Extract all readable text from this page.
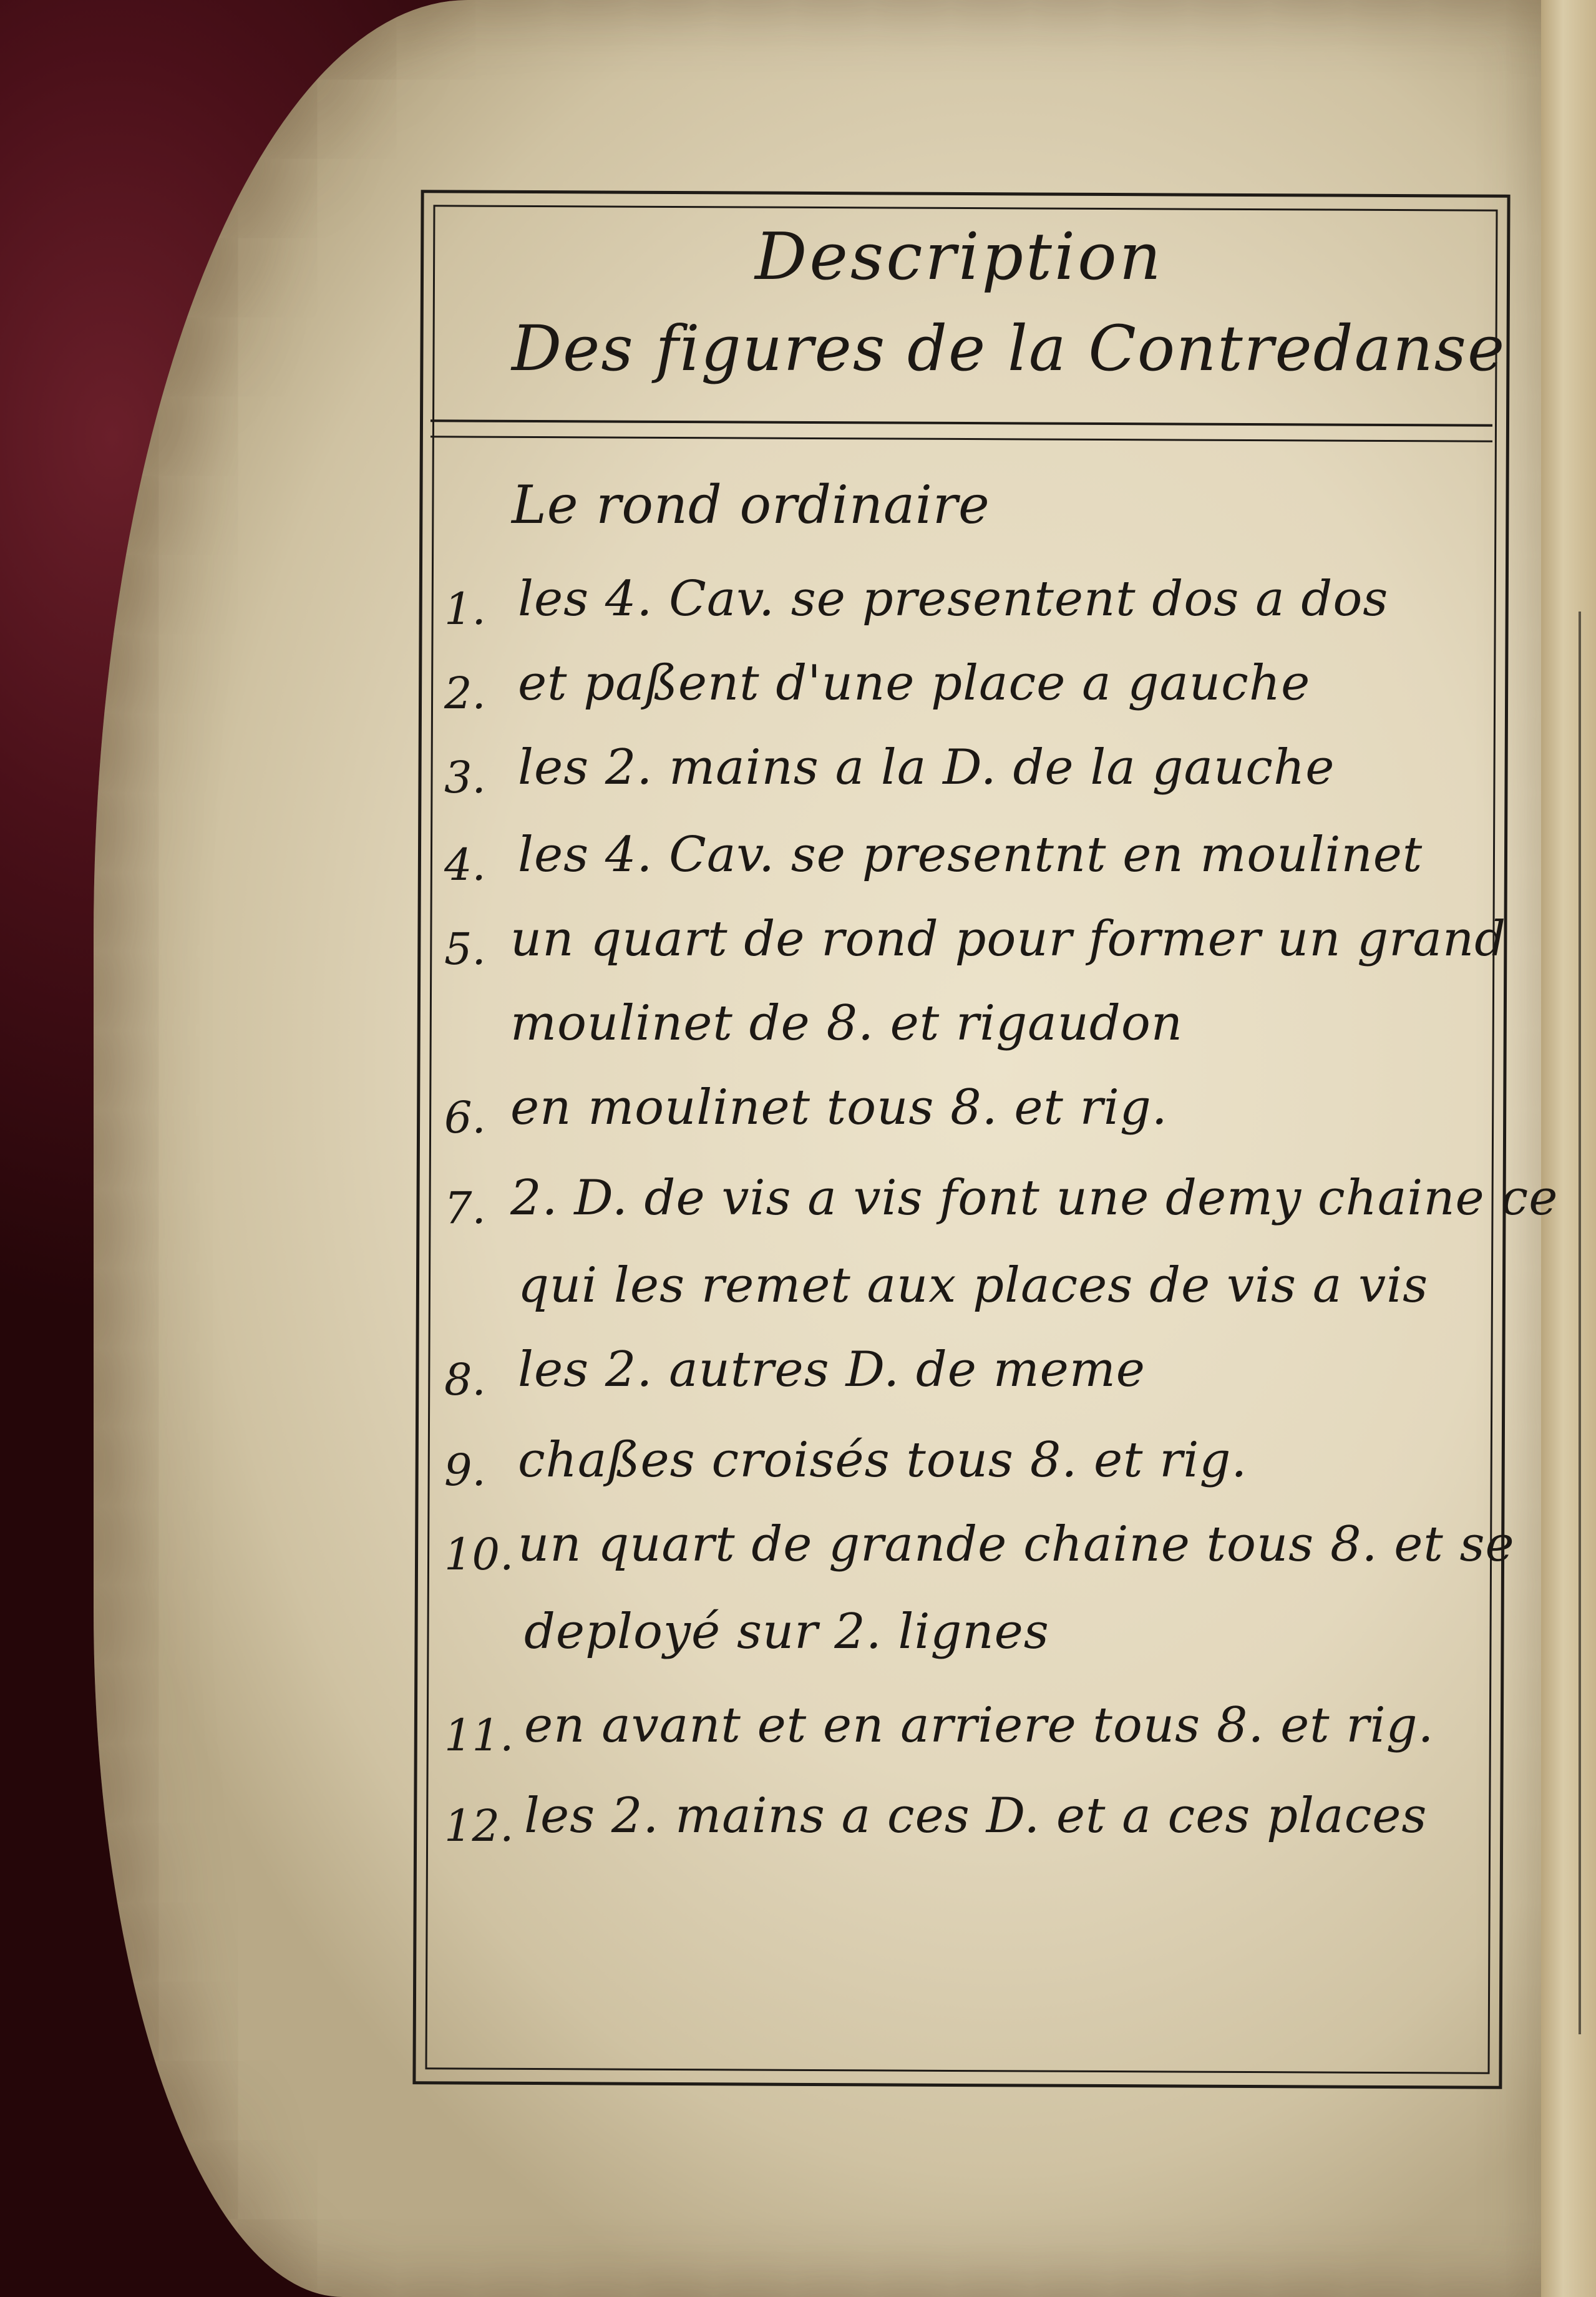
Description
Des figures de la Contredanse
Le rond ordinaire
1. les 4. Cav. se presentent dos a dos
2. et paßent d'une place a gauche
3. les 2. mains a la D. de la gauche
4. les 4. Cav. se presentnt en moulinet
5. un quart de rond pour former un grand
moulinet de 8. et rigaudon
6. en moulinet tous 8. et rig.
7. 2. D. de vis a vis font une demy chaine ce
qui les remet aux places de vis a vis
8. les 2. autres D. de meme
9. chaßes croisés tous 8. et rig.
10. un quart de grande chaine tous 8. et se
deployé sur 2. lignes
11. en avant et en arriere tous 8. et rig.
12. les 2. mains a ces D. et a ces places
